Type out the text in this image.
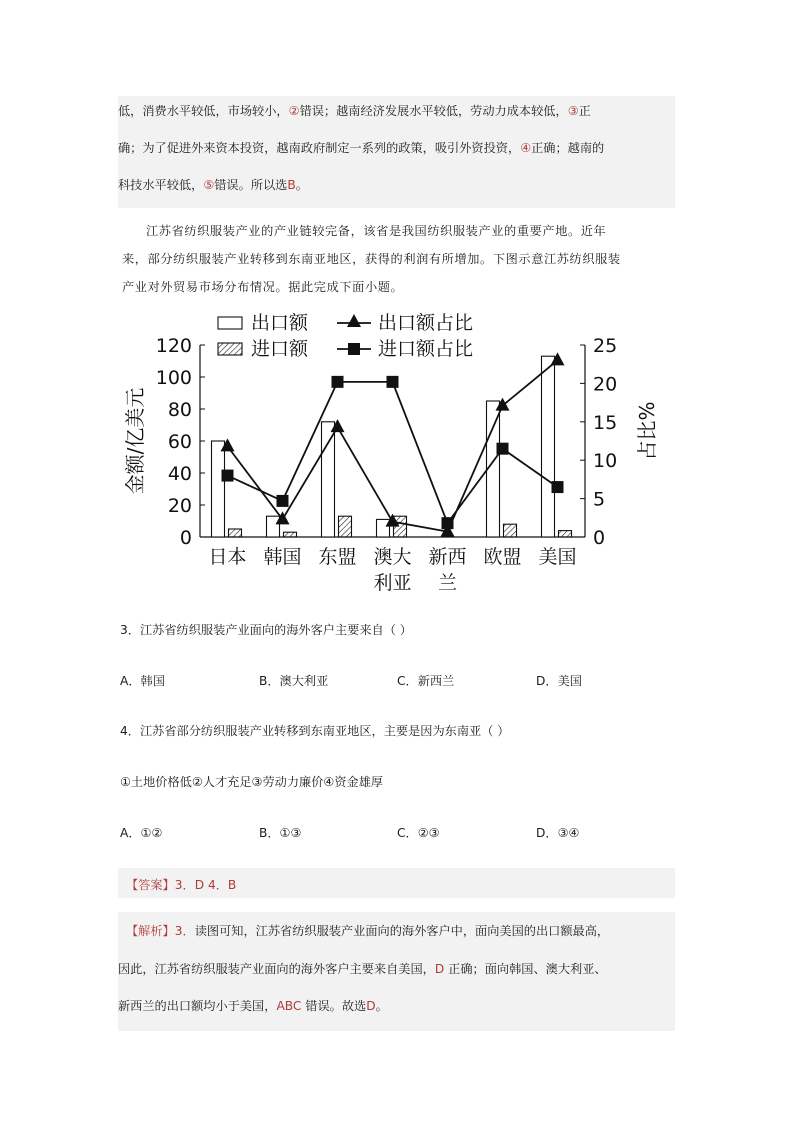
低，消费水平较低，市场较小，②错误；越南经济发展水平较低，劳动力成本较低，③正
确；为了促进外来资本投资，越南政府制定一系列的政策，吸引外资投资，④正确；越南的
科技水平较低，⑤错误。所以选B。
江苏省纺织服装产业的产业链较完备，该省是我国纺织服装产业的重要产地。近年
来，部分纺织服装产业转移到东南亚地区，获得的利润有所增加。下图示意江苏纺织服装
产业对外贸易市场分布情况。据此完成下面小题。
0
20
40
60
80
100
120
0
5
10
15
20
25
金额/亿美元	占比%
日本 韩国 东盟 澳大
利亚
新西
兰
欧盟 美国
出口额
进口额
出口额占比
进口额占比
3．江苏省纺织服装产业面向的海外客户主要来自（ ）
A．韩国	B．澳大利亚	C．新西兰	D．美国
4．江苏省部分纺织服装产业转移到东南亚地区，主要是因为东南亚（ ）
①土地价格低②人才充足③劳动力廉价④资金雄厚
A．①②	B．①③	C．②③	D．③④
【答案】3．D 4．B
【解析】3．读图可知，江苏省纺织服装产业面向的海外客户中，面向美国的出口额最高，
因此，江苏省纺织服装产业面向的海外客户主要来自美国，D 正确；面向韩国、澳大利亚、
新西兰的出口额均小于美国，ABC 错误。故选D。
